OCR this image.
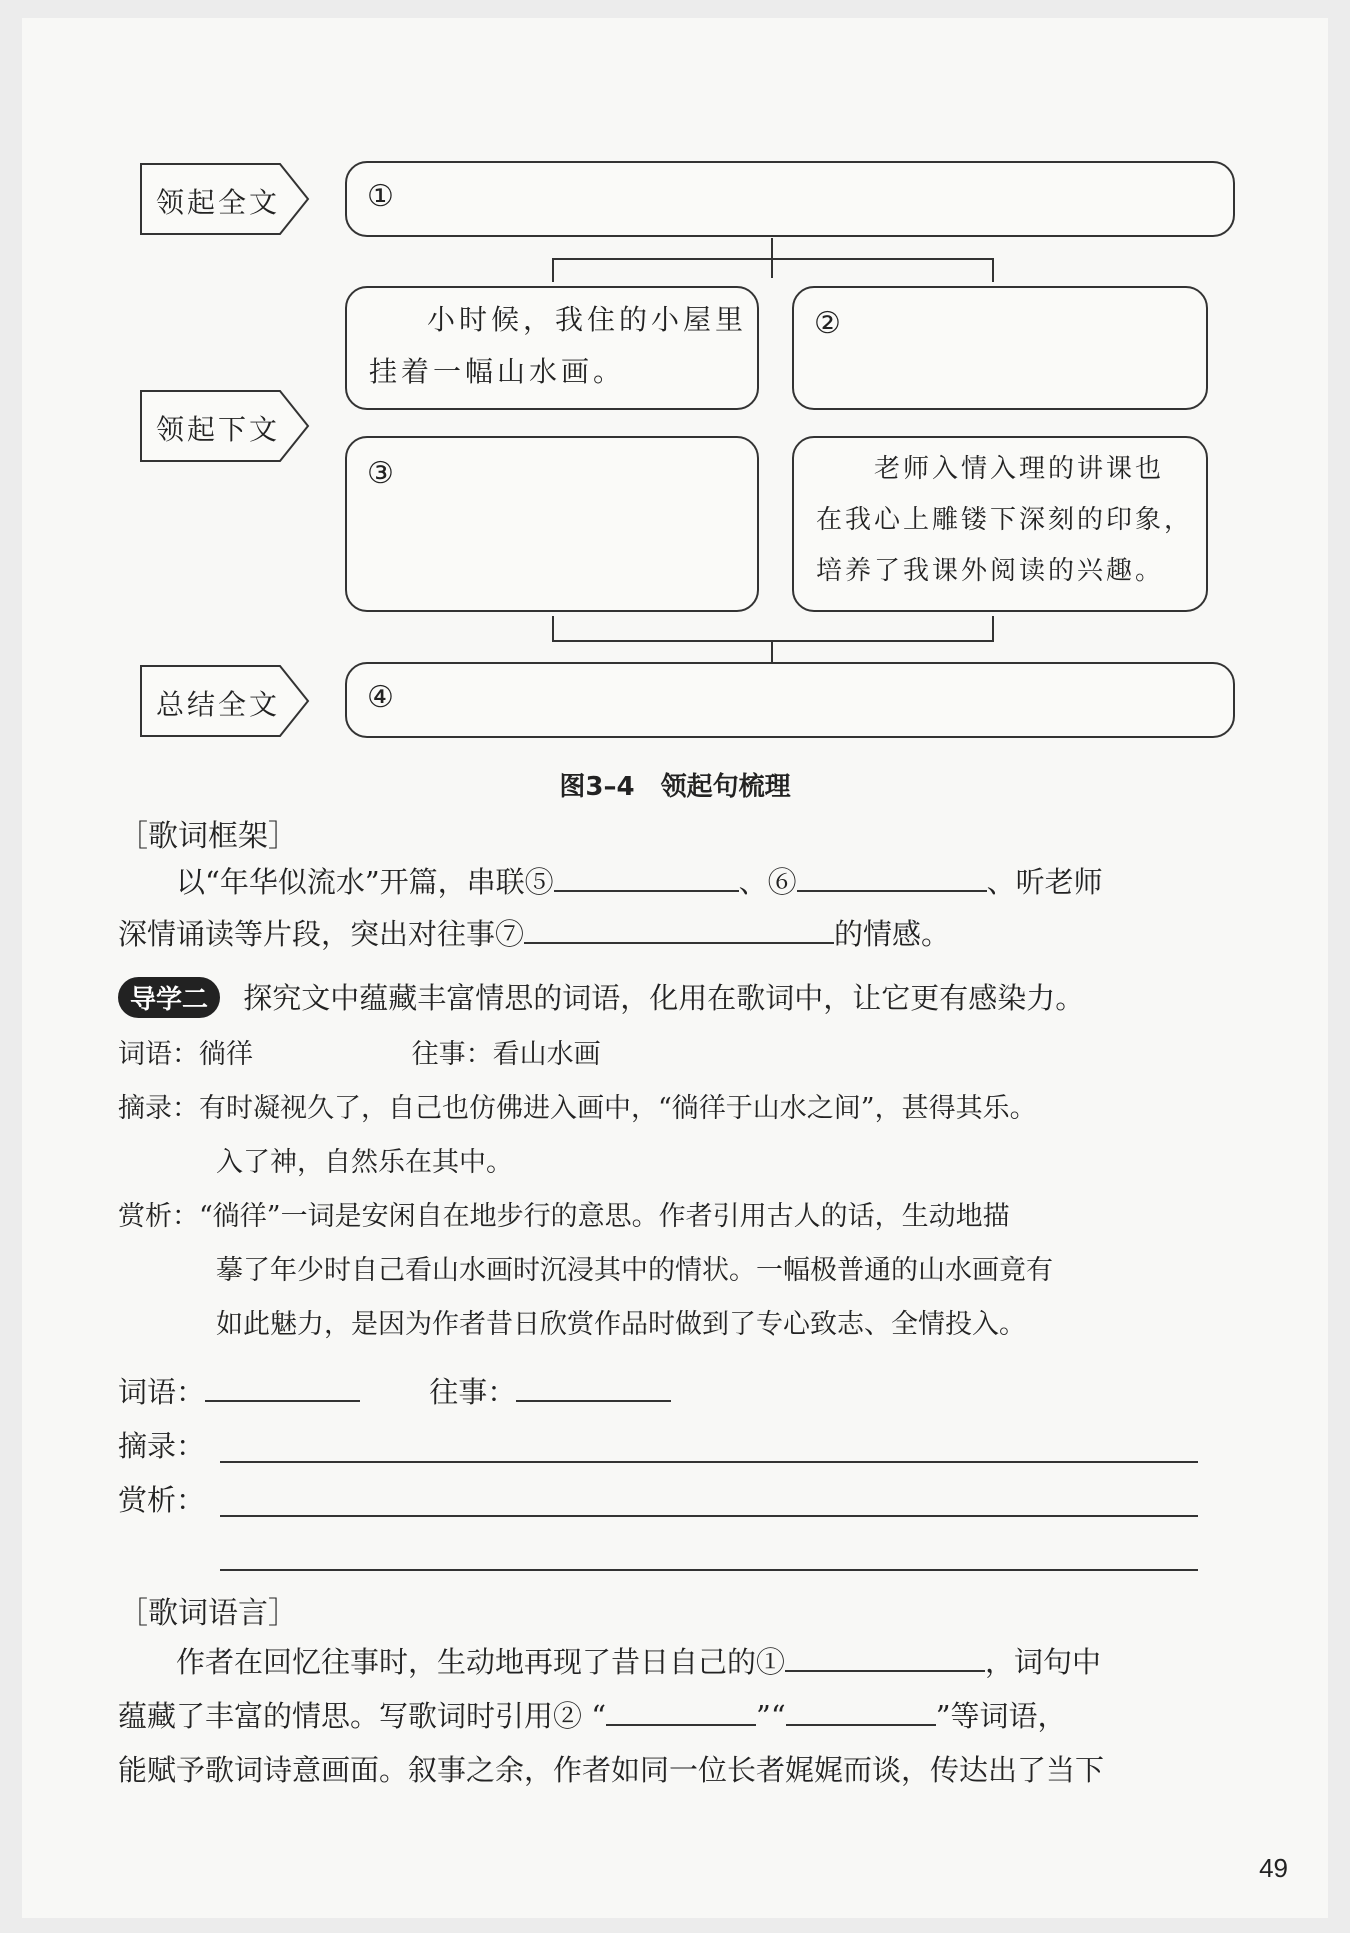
领起全文
领起下文
总结全文
①
小时候，我住的小屋里
挂着一幅山水画。
②
③	老师入情入理的讲课也
在我心上雕镂下深刻的印象，
培养了我课外阅读的兴趣。
④
图3–4　领起句梳理
［歌词框架］
以“年华似流水”开篇，串联⑤	、⑥	、听老师
深情诵读等片段，突出对往事⑦	的情感。
导学二 探究文中蕴藏丰富情思的词语，化用在歌词中，让它更有感染力。
词语：徜徉	往事：看山水画
摘录：有时凝视久了，自己也仿佛进入画中，“徜徉于山水之间”，甚得其乐。
入了神，自然乐在其中。
赏析：“徜徉”一词是安闲自在地步行的意思。作者引用古人的话，生动地描
摹了年少时自己看山水画时沉浸其中的情状。一幅极普通的山水画竟有
如此魅力，是因为作者昔日欣赏作品时做到了专心致志、全情投入。
词语：	往事：
摘录：
赏析：
［歌词语言］
作者在回忆往事时，生动地再现了昔日自己的①	，词句中
蕴藏了丰富的情思。写歌词时引用② “	”“	”等词语，
能赋予歌词诗意画面。叙事之余，作者如同一位长者娓娓而谈，传达出了当下
49
